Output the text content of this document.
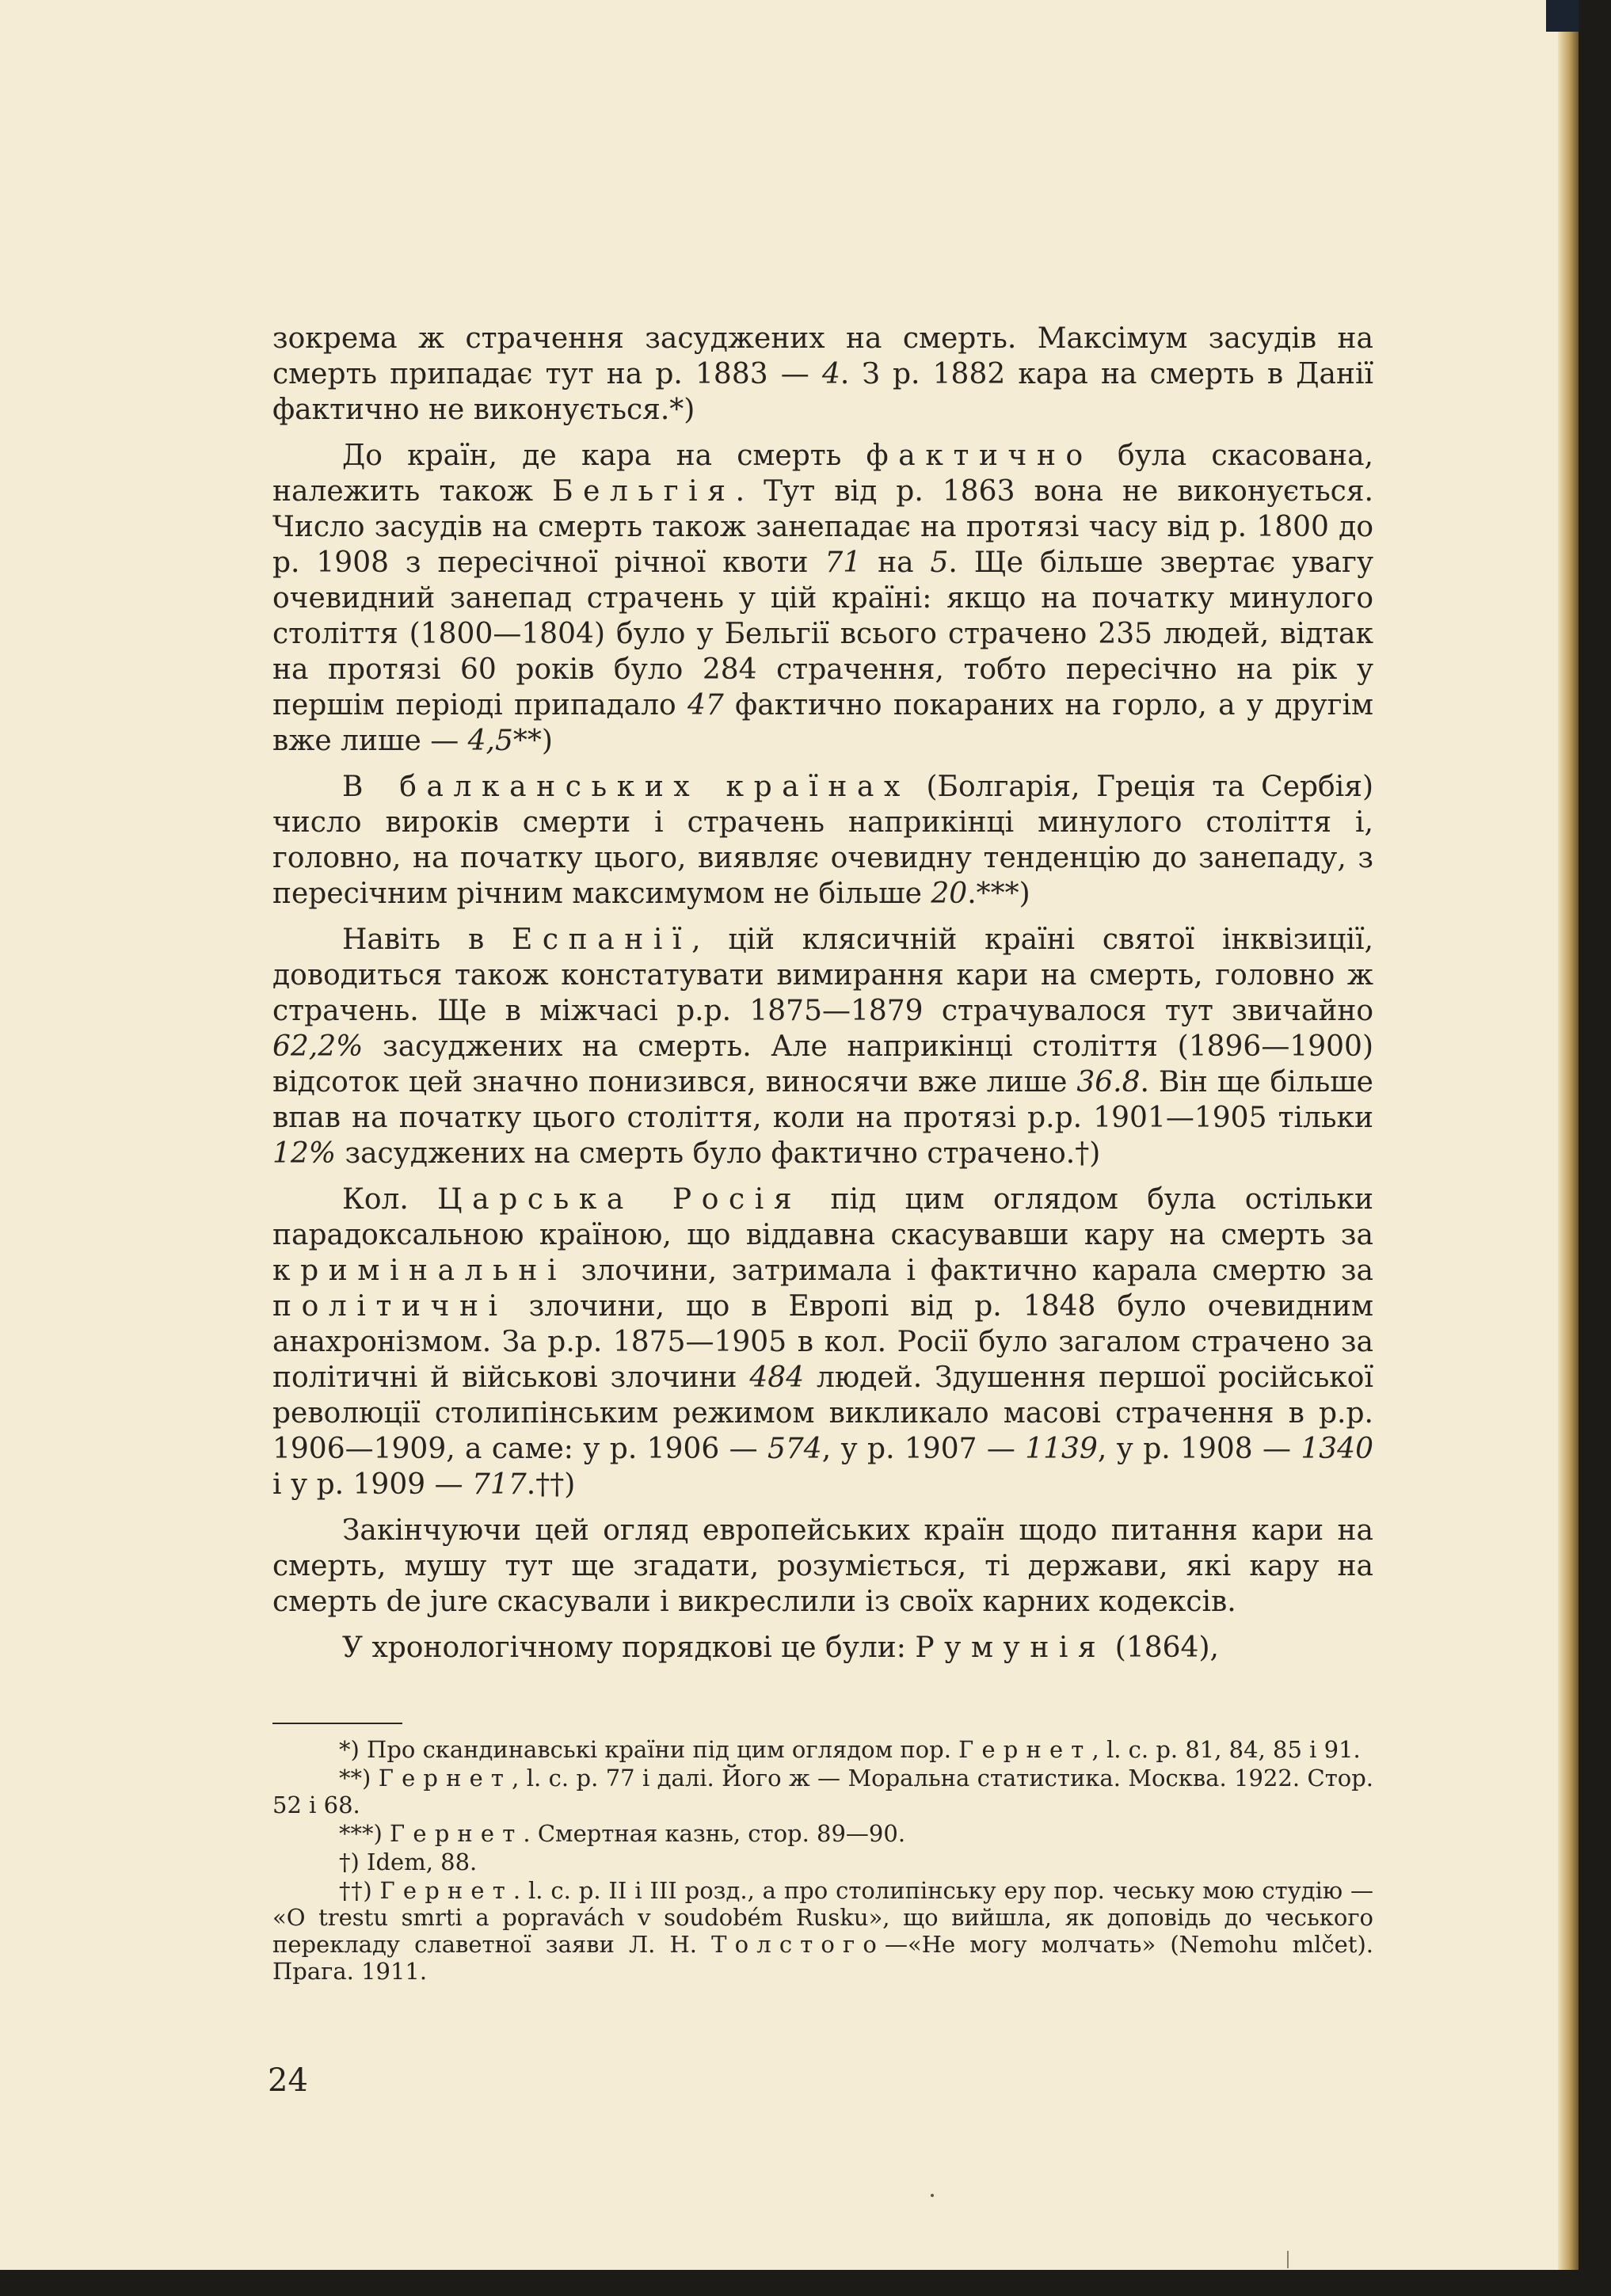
зокрема ж страчення засуджених на смерть. Максімум засудів на смерть припадає тут на р. 1883 — 4. З р. 1882 кара на смерть в Данії фактично не виконується.*)

До країн, де кара на смерть фактично була скасована, належить також Бельгія. Тут від р. 1863 вона не виконується. Число засудів на смерть також занепадає на протязі часу від р. 1800 до р. 1908 з пересічної річної квоти 71 на 5. Ще більше звертає увагу очевидний занепад страчень у цій країні: якщо на початку минулого століття (1800—1804) було у Бельгії всього страчено 235 людей, відтак на протязі 60 років було 284 страчення, тобто пересічно на рік у першім періоді припадало 47 фактично покараних на горло, а у другім вже лише — 4,5**)

В балканських країнах (Болгарія, Греція та Сербія) число вироків смерти і страчень наприкінці минулого століття і, головно, на початку цього, виявляє очевидну тенденцію до занепаду, з пересічним річним максимумом не більше 20.***)

Навіть в Еспанії, цій клясичній країні святої інквізиції, доводиться також констатувати вимирання кари на смерть, головно ж страчень. Ще в міжчасі р.р. 1875—1879 страчувалося тут звичайно 62,2% засуджених на смерть. Але наприкінці століття (1896—1900) відсоток цей значно понизився, виносячи вже лише 36.8. Він ще більше впав на початку цього століття, коли на протязі р.р. 1901—1905 тільки 12% засуджених на смерть було фактично страчено.†)

Кол. Царська Росія під цим оглядом була остільки парадоксальною країною, що віддавна скасувавши кару на смерть за кримінальні злочини, затримала і фактично карала смертю за політичні злочини, що в Европі від р. 1848 було очевидним анахронізмом. За р.р. 1875—1905 в кол. Росії було загалом страчено за політичні й військові злочини 484 людей. Здушення першої російської революції столипінським режимом викликало масові страчення в р.р. 1906—1909, а саме: у р. 1906 — 574, у р. 1907 — 1139, у р. 1908 — 1340 і у р. 1909 — 717.††)

Закінчуючи цей огляд европейських країн щодо питання кари на смерть, мушу тут ще згадати, розуміється, ті держави, які кару на смерть de jure скасували і викреслили із своїх карних кодексів.

У хронологічному порядкові це були: Румунія (1864),

*) Про скандинавські країни під цим оглядом пор. Гернет, l. c. p. 81, 84, 85 і 91.

**) Гернет, l. c. p. 77 і далі. Його ж — Моральна статистика. Москва. 1922. Стор. 52 і 68.

***) Гернет. Смертная казнь, стор. 89—90.

†) Idem, 88.

††) Гернет. l. c. p. II і III розд., а про столипінську еру пор. чеську мою студію — «O trestu smrti a popravách v soudobém Rusku», що вийшла, як доповідь до чеського перекладу славетної заяви Л. Н. Толстого—«Не могу молчать» (Nemohu mlčet). Прага. 1911.

24
